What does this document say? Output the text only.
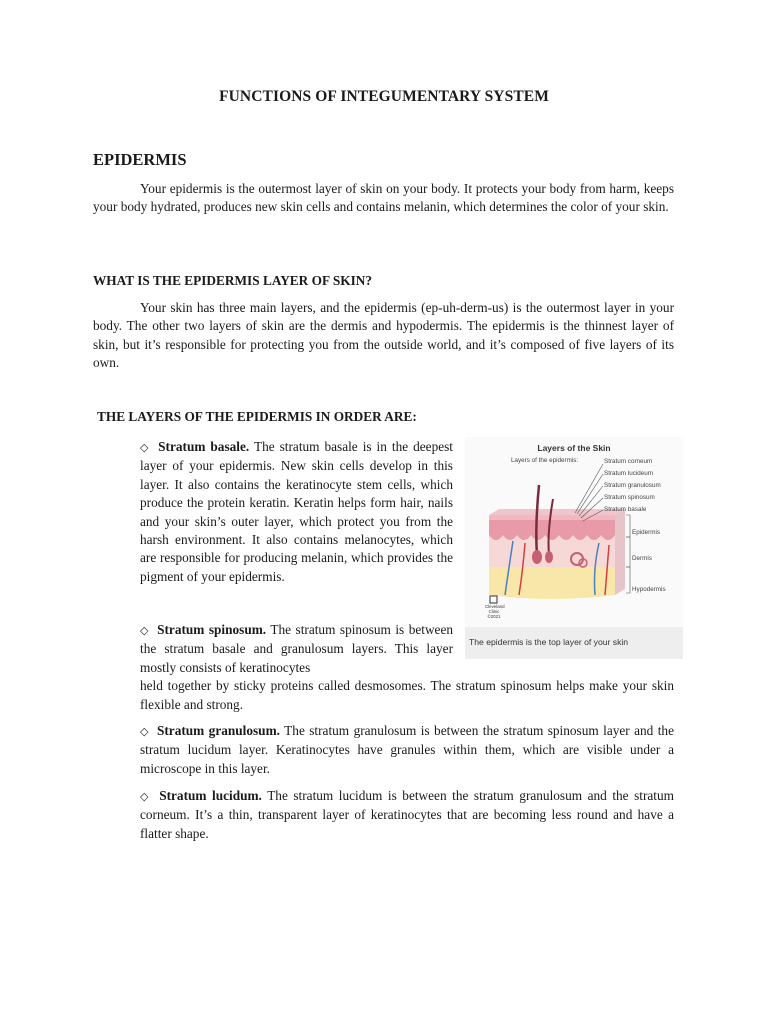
FUNCTIONS OF INTEGUMENTARY SYSTEM
EPIDERMIS

Your epidermis is the outermost layer of skin on your body. It protects your body from harm, keeps your body hydrated, produces new skin cells and contains melanin, which determines the color of your skin.

WHAT IS THE EPIDERMIS LAYER OF SKIN?

Your skin has three main layers, and the epidermis (ep-uh-derm-us) is the outermost layer in your body. The other two layers of skin are the dermis and hypodermis. The epidermis is the thinnest layer of skin, but it’s responsible for protecting you from the outside world, and it’s composed of five layers of its own.

THE LAYERS OF THE EPIDERMIS IN ORDER ARE:

◇ Stratum basale. The stratum basale is in the deepest layer of your epidermis. New skin cells develop in this layer. It also contains the keratinocyte stem cells, which produce the protein keratin. Keratin helps form hair, nails and your skin’s outer layer, which protect you from the harsh environment. It also contains melanocytes, which are responsible for producing melanin, which provides the pigment of your epidermis.

◇ Stratum spinosum. The stratum spinosum is between the stratum basale and granulosum layers. This layer mostly consists of keratinocytes
held together by sticky proteins called desmosomes. The stratum spinosum helps make your skin flexible and strong.

◇ Stratum granulosum. The stratum granulosum is between the stratum spinosum layer and the stratum lucidum layer. Keratinocytes have granules within them, which are visible under a microscope in this layer.

◇ Stratum lucidum. The stratum lucidum is between the stratum granulosum and the stratum corneum. It’s a thin, transparent layer of keratinocytes that are becoming less round and have a flatter shape.

Layers of the Skin
Layers of the epidermis:	Stratum corneum
Stratum lucideum
Stratum granulosum
Stratum spinosum
Stratum basale
Epidermis
Dermis
Hypodermis
Cleveland Clinic ©2021
The epidermis is the top layer of your skin
